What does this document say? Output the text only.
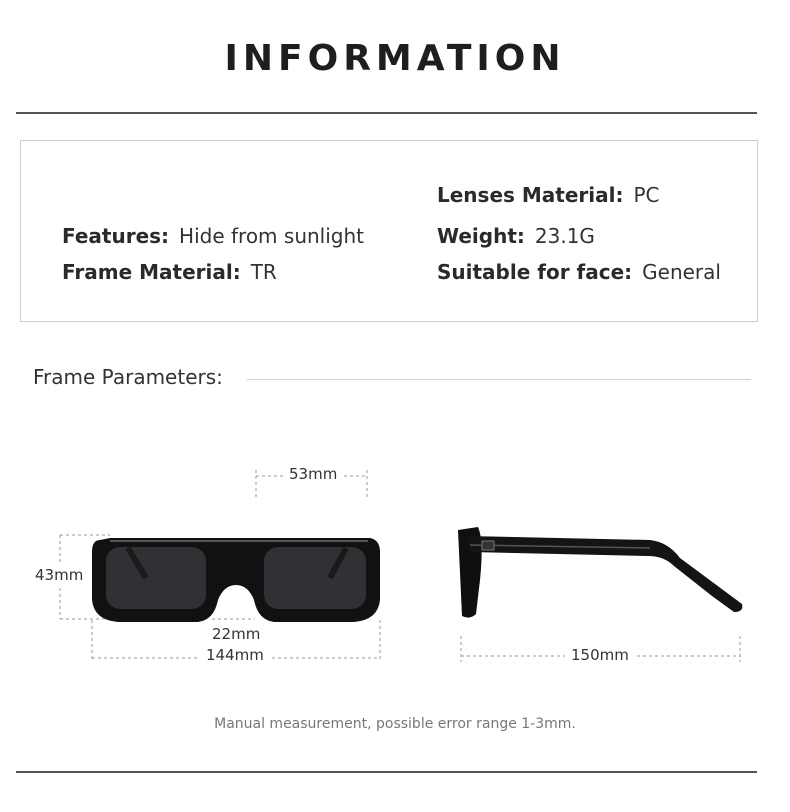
INFORMATION
Lenses Material: PC
Features: Hide from sunlight	Weight: 23.1G
Frame Material: TR	Suitable for face: General
Frame Parameters:
53mm
43mm
22mm
144mm	150mm
Manual measurement, possible error range 1-3mm.
